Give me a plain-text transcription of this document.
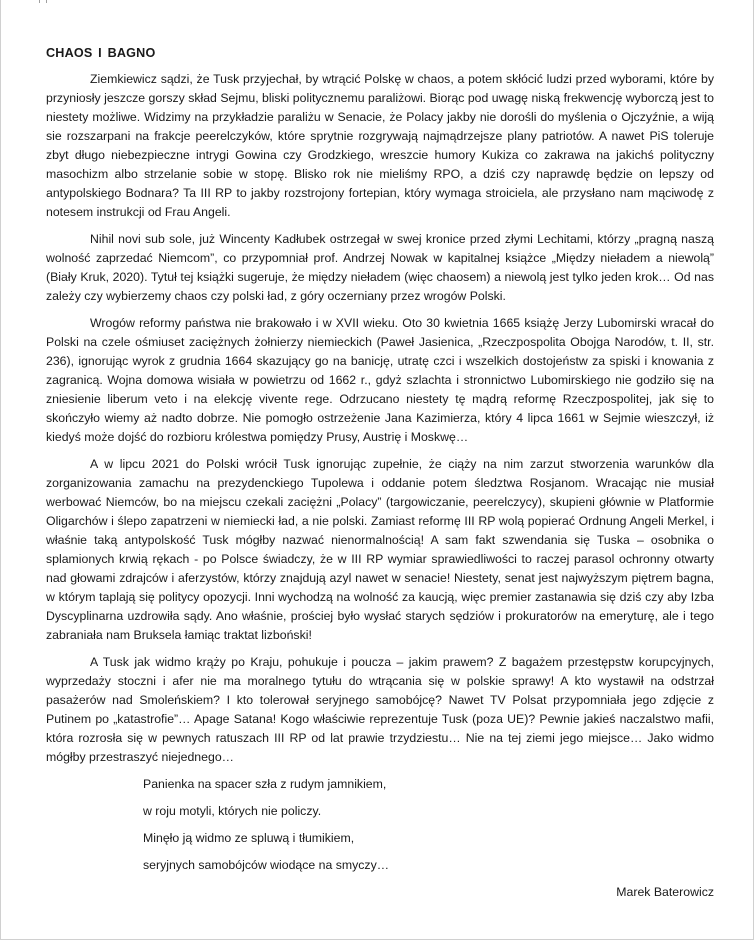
CHAOS I BAGNO

Ziemkiewicz sądzi, że Tusk przyjechał, by wtrącić Polskę w chaos, a potem skłócić ludzi przed wyborami, które by przyniosły jeszcze gorszy skład Sejmu, bliski politycznemu paraliżowi. Biorąc pod uwagę niską frekwencję wyborczą jest to niestety możliwe. Widzimy na przykładzie paraliżu w Senacie, że Polacy jakby nie dorośli do myślenia o Ojczyźnie, a wiją sie rozszarpani na frakcje peerelczyków, które sprytnie rozgrywają najmądrzejsze plany patriotów. A nawet PiS toleruje zbyt długo niebezpieczne intrygi Gowina czy Grodzkiego, wreszcie humory Kukiza co zakrawa na jakichś polityczny masochizm albo strzelanie sobie w stopę. Blisko rok nie mieliśmy RPO, a dziś czy naprawdę będzie on lepszy od antypolskiego Bodnara? Ta III RP to jakby rozstrojony fortepian, który wymaga stroiciela, ale przysłano nam mąciwodę z notesem instrukcji od Frau Angeli.

Nihil novi sub sole, już Wincenty Kadłubek ostrzegał w swej kronice przed złymi Lechitami, którzy „pragną naszą wolność zaprzedać Niemcom”, co przypomniał prof. Andrzej Nowak w kapitalnej książce „Między nieładem a niewolą” (Biały Kruk, 2020). Tytuł tej książki sugeruje, że między nieładem (więc chaosem) a niewolą jest tylko jeden krok… Od nas zależy czy wybierzemy chaos czy polski ład, z góry oczerniany przez wrogów Polski.

Wrogów reformy państwa nie brakowało i w XVII wieku. Oto 30 kwietnia 1665 książę Jerzy Lubomirski wracał do Polski na czele ośmiuset zaciężnych żołnierzy niemieckich (Paweł Jasienica, „Rzeczpospolita Obojga Narodów, t. II, str. 236), ignorując wyrok z grudnia 1664 skazujący go na banicję, utratę czci i wszelkich dostojeństw za spiski i knowania z zagranicą. Wojna domowa wisiała w powietrzu od 1662 r., gdyż szlachta i stronnictwo Lubomirskiego nie godziło się na zniesienie liberum veto i na elekcję vivente rege. Odrzucano niestety tę mądrą reformę Rzeczpospolitej, jak się to skończyło wiemy aż nadto dobrze. Nie pomogło ostrzeżenie Jana Kazimierza, który 4 lipca 1661 w Sejmie wieszczył, iż kiedyś może dojść do rozbioru królestwa pomiędzy Prusy, Austrię i Moskwę…

A w lipcu 2021 do Polski wrócił Tusk ignorując zupełnie, że ciąży na nim zarzut stworzenia warunków dla zorganizowania zamachu na prezydenckiego Tupolewa i oddanie potem śledztwa Rosjanom. Wracając nie musiał werbować Niemców, bo na miejscu czekali zaciężni „Polacy” (targowiczanie, peerelczycy), skupieni głównie w Platformie Oligarchów i ślepo zapatrzeni w niemiecki ład, a nie polski. Zamiast reformę III RP wolą popierać Ordnung Angeli Merkel, i właśnie taką antypolskość Tusk mógłby nazwać nienormalnością! A sam fakt szwendania się Tuska – osobnika o splamionych krwią rękach - po Polsce świadczy, że w III RP wymiar sprawiedliwości to raczej parasol ochronny otwarty nad głowami zdrajców i aferzystów, którzy znajdują azyl nawet w senacie! Niestety, senat jest najwyższym piętrem bagna, w którym taplają się politycy opozycji. Inni wychodzą na wolność za kaucją, więc premier zastanawia się dziś czy aby Izba Dyscyplinarna uzdrowiła sądy. Ano właśnie, prościej było wysłać starych sędziów i prokuratorów na emeryturę, ale i tego zabraniała nam Bruksela łamiąc traktat lizboński!

A Tusk jak widmo krąży po Kraju, pohukuje i poucza – jakim prawem? Z bagażem przestępstw korupcyjnych, wyprzedaży stoczni i afer nie ma moralnego tytułu do wtrącania się w polskie sprawy! A kto wystawił na odstrzał pasażerów nad Smoleńskiem? I kto tolerował seryjnego samobójcę? Nawet TV Polsat przypomniała jego zdjęcie z Putinem po „katastrofie”… Apage Satana! Kogo właściwie reprezentuje Tusk (poza UE)? Pewnie jakieś naczalstwo mafii, która rozrosła się w pewnych ratuszach III RP od lat prawie trzydziestu… Nie na tej ziemi jego miejsce… Jako widmo mógłby przestraszyć niejednego…

Panienka na spacer szła z rudym jamnikiem,

w roju motyli, których nie policzy.

Minęło ją widmo ze spluwą i tłumikiem,

seryjnych samobójców wiodące na smyczy…

Marek Baterowicz
